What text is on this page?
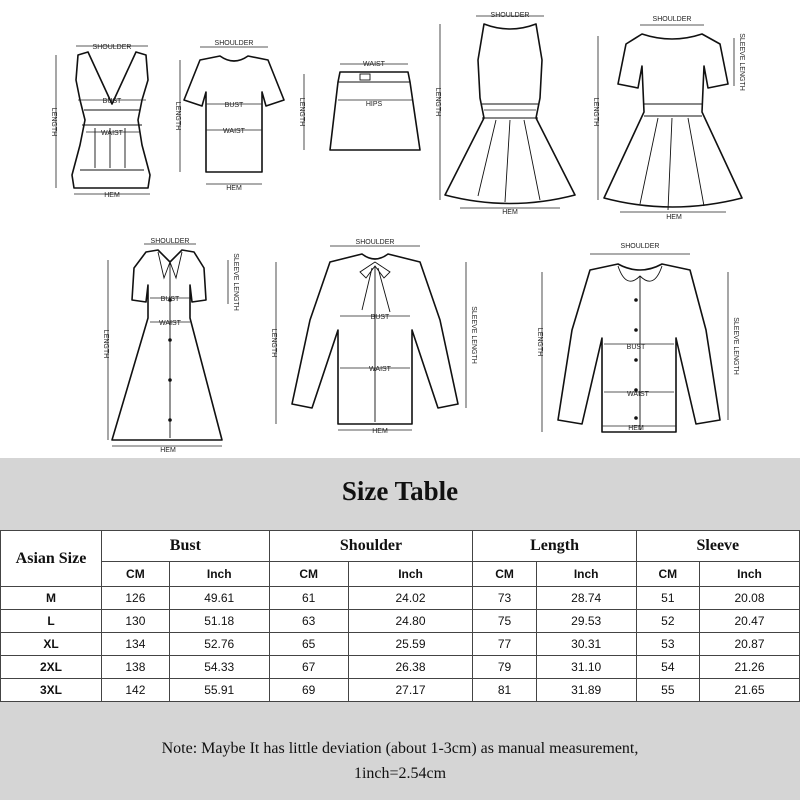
SHOULDER
BUST
WAIST
HEM
LENGTH
SHOULDER
BUST
WAIST
HEM
LENGTH
WAIST
HIPS
LENGTH
SHOULDER
HEM
LENGTH
SHOULDER
SLEEVE LENGTH
HEM
LENGTH
SHOULDER
BUST
WAIST
HEM
SLEEVE LENGTH
LENGTH
SHOULDER
BUST
WAIST
HEM
SLEEVE LENGTH
LENGTH
SHOULDER
BUST
WAIST
HEM
SLEEVE LENGTH
LENGTH
Size Table
Asian Size	Bust		Shoulder		Length		Sleeve	
	CM	Inch	CM	Inch	CM	Inch	CM	Inch
M	126	49.61	61	24.02	73	28.74	51	20.08
L	130	51.18	63	24.80	75	29.53	52	20.47
XL	134	52.76	65	25.59	77	30.31	53	20.87
2XL	138	54.33	67	26.38	79	31.10	54	21.26
3XL	142	55.91	69	27.17	81	31.89	55	21.65
Note: Maybe It has little deviation (about 1-3cm) as manual measurement,
1inch=2.54cm
